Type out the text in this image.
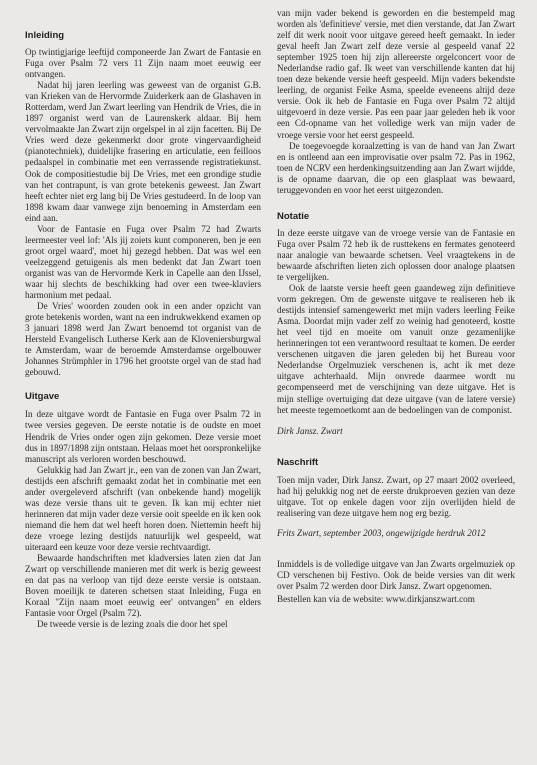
Inleiding

Op twintigjarige leeftijd componeerde Jan Zwart de Fantasie en Fuga over Psalm 72 vers 11 Zijn naam moet eeuwig eer ontvangen.

Nadat hij jaren leerling was geweest van de organist G.B. van Krieken van de Hervormde Zuiderkerk aan de Glashaven in Rotterdam, werd Jan Zwart leerling van Hendrik de Vries, die in 1897 organist werd van de Laurenskerk aldaar. Bij hem vervolmaakte Jan Zwart zijn orgelspel in al zijn facetten. Bij De Vries werd deze gekenmerkt door grote vingervaardigheid (pianotechniek), duidelijke frasering en articulatie, een feilloos pedaalspel in combinatie met een verrassende registratiekunst. Ook de compositiestudie bij De Vries, met een grondige studie van het contrapunt, is van grote betekenis geweest. Jan Zwart heeft echter niet erg lang bij De Vries gestudeerd. In de loop van 1898 kwam daar vanwege zijn benoeming in Amsterdam een eind aan.

Voor de Fantasie en Fuga over Psalm 72 had Zwarts leermeester veel lof: 'Als jij zoiets kunt componeren, ben je een groot orgel waard', moet hij gezegd hebben. Dat was wel een veelzeggend getuigenis als men bedenkt dat Jan Zwart toen organist was van de Hervormde Kerk in Capelle aan den IJssel, waar hij slechts de beschikking had over een twee-klaviers harmonium met pedaal.

De Vries' woorden zouden ook in een ander opzicht van grote betekenis worden, want na een indrukwekkend examen op 3 januari 1898 werd Jan Zwart benoemd tot organist van de Hersteld Evangelisch Lutherse Kerk aan de Kloveniersburgwal te Amsterdam, waar de beroemde Amsterdamse orgelbouwer Johannes Strümphler in 1796 het grootste orgel van de stad had gebouwd.

Uitgave

In deze uitgave wordt de Fantasie en Fuga over Psalm 72 in twee versies gegeven. De eerste notatie is de oudste en moet Hendrik de Vries onder ogen zijn gekomen. Deze versie moet dus in 1897/1898 zijn ontstaan. Helaas moet het oorspronkelijke manuscript als verloren worden beschouwd.

Gelukkig had Jan Zwart jr., een van de zonen van Jan Zwart, destijds een afschrift gemaakt zodat het in combinatie met een ander overgeleverd afschrift (van onbekende hand) mogelijk was deze versie thans uit te geven. Ik kan mij echter niet herinneren dat mijn vader deze versie ooit speelde en ik ken ook niemand die hem dat wel heeft horen doen. Niettemin heeft hij deze vroege lezing destijds natuurlijk wel gespeeld, wat uiteraard een keuze voor deze versie rechtvaardigt.

Bewaarde handschriften met kladversies laten zien dat Jan Zwart op verschillende manieren met dit werk is bezig geweest en dat pas na verloop van tijd deze eerste versie is ontstaan. Boven moeilijk te dateren schetsen staat Inleiding, Fuga en Koraal "Zijn naam moet eeuwig eer' ontvangen" en elders Fantasie voor Orgel (Psalm 72).

De tweede versie is de lezing zoals die door het spel

van mijn vader bekend is geworden en die bestempeld mag worden als 'definitieve' versie, met dien verstande, dat Jan Zwart zelf dit werk nooit voor uitgave gereed heeft gemaakt. In ieder geval heeft Jan Zwart zelf deze versie al gespeeld vanaf 22 september 1925 toen hij zijn allereerste orgelconcert voor de Nederlandse radio gaf. Ik weet van verschillende kanten dat hij toen deze bekende versie heeft gespeeld. Mijn vaders bekendste leerling, de organist Feike Asma, speelde eveneens altijd deze versie. Ook ik heb de Fantasie en Fuga over Psalm 72 altijd uitgevoerd in deze versie. Pas een paar jaar geleden heb ik voor een Cd-opname van het volledige werk van mijn vader de vroege versie voor het eerst gespeeld.

De toegevoegde koraalzetting is van de hand van Jan Zwart en is ontleend aan een improvisatie over psalm 72. Pas in 1962, toen de NCRV een herdenkingsuitzending aan Jan Zwart wijdde, is de opname daarvan, die op een glasplaat was bewaard, teruggevonden en voor het eerst uitgezonden.

Notatie

In deze eerste uitgave van de vroege versie van de Fantasie en Fuga over Psalm 72 heb ik de rusttekens en fermates genoteerd naar analogie van bewaarde schetsen. Veel vraagtekens in de bewaarde afschriften lieten zich oplossen door analoge plaatsen te vergelijken.

Ook de laatste versie heeft geen gaandeweg zijn definitieve vorm gekregen. Om de gewenste uitgave te realiseren heb ik destijds intensief samengewerkt met mijn vaders leerling Feike Asma. Doordat mijn vader zelf zo weinig had genoteerd, kostte het veel tijd en moeite om vanuit onze gezamenlijke herinneringen tot een verantwoord resultaat te komen. De eerder verschenen uitgaven die jaren geleden bij het Bureau voor Nederlandse Orgelmuziek verschenen is, acht ik met deze uitgave achterhaald. Mijn onvrede daarmee wordt nu gecompenseerd met de verschijning van deze uitgave. Het is mijn stellige overtuiging dat deze uitgave (van de latere versie) het meeste tegemoetkomt aan de bedoelingen van de componist.

Dirk Jansz. Zwart

Naschrift

Toen mijn vader, Dirk Jansz. Zwart, op 27 maart 2002 overleed, had hij gelukkig nog net de eerste drukproeven gezien van deze uitgave. Tot op enkele dagen voor zijn overlijden hield de realisering van deze uitgave hem nog erg bezig.

Frits Zwart, september 2003, ongewijzigde herdruk 2012

Inmiddels is de volledige uitgave van Jan Zwarts orgelmuziek op CD verschenen bij Festivo. Ook de beide versies van dit werk over Psalm 72 werden door Dirk Jansz. Zwart opgenomen.

Bestellen kan via de website: www.dirkjanszwart.com
